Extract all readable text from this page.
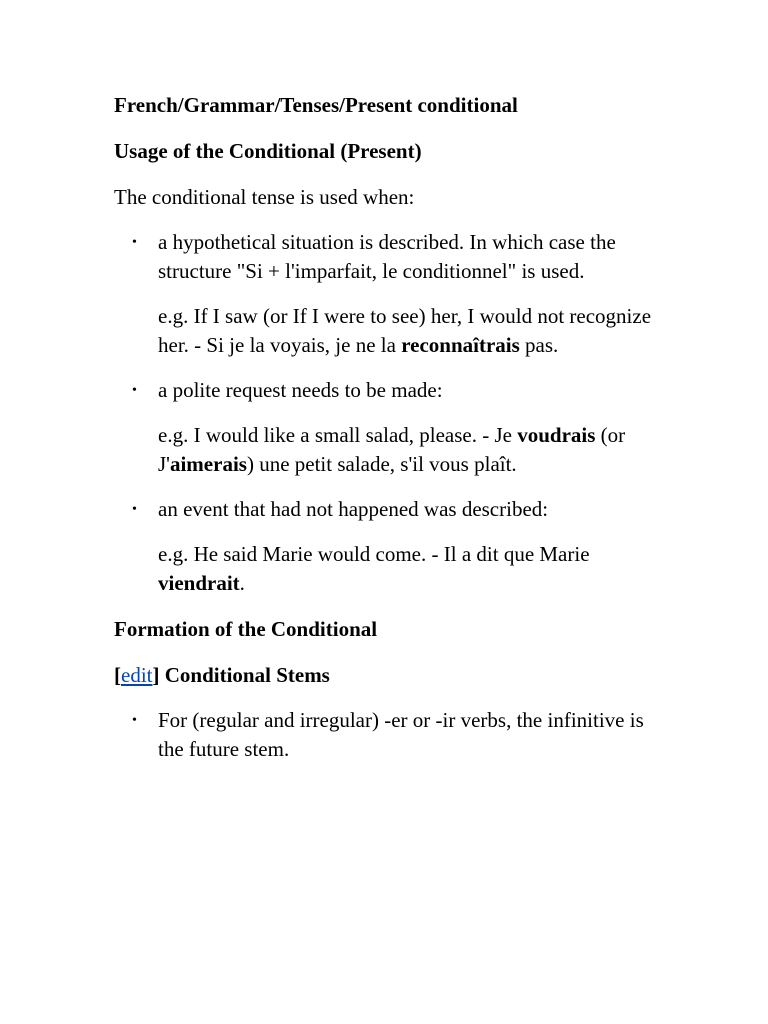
French/Grammar/Tenses/Present conditional
Usage of the Conditional (Present)
The conditional tense is used when:
• a hypothetical situation is described. In which case the structure "Si + l'imparfait, le conditionnel" is used.
e.g. If I saw (or If I were to see) her, I would not recognize her. - Si je la voyais, je ne la reconnaîtrais pas.
• a polite request needs to be made:
e.g. I would like a small salad, please. - Je voudrais (or J'aimerais) une petit salade, s'il vous plaît.
• an event that had not happened was described:
e.g. He said Marie would come. - Il a dit que Marie viendrait.
Formation of the Conditional
[edit] Conditional Stems
• For (regular and irregular) -er or -ir verbs, the infinitive is the future stem.
